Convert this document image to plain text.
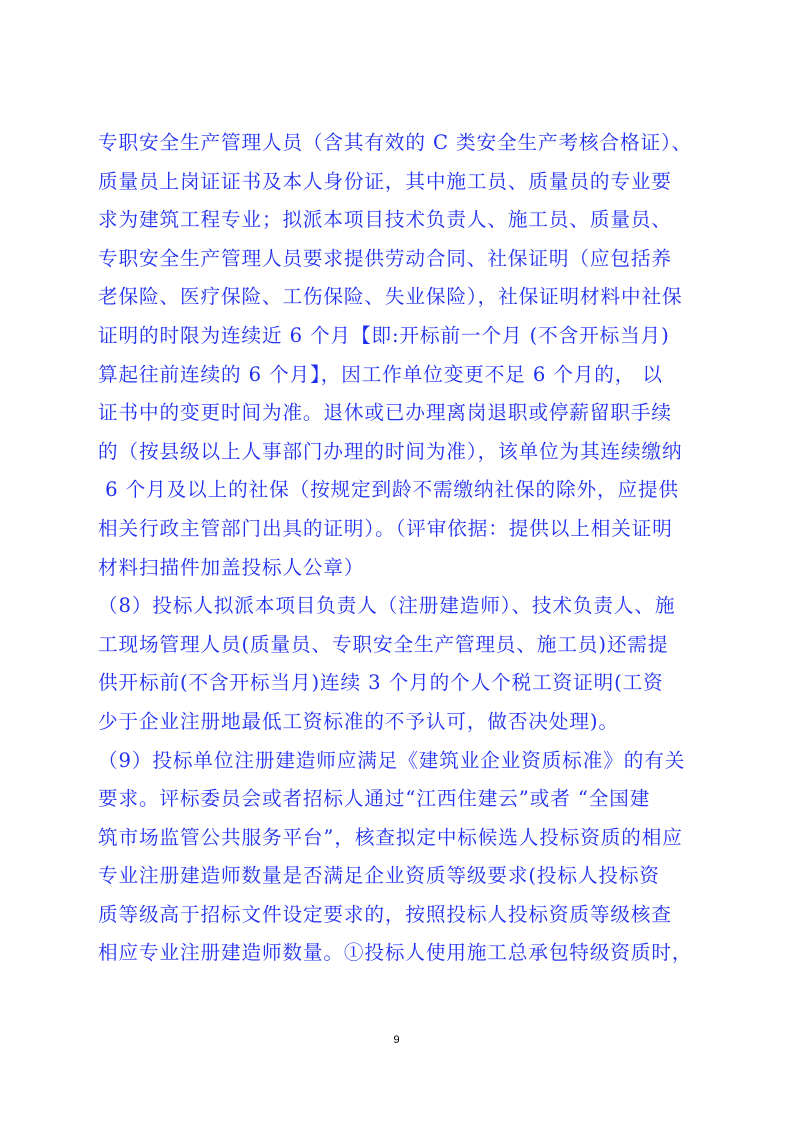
专职安全生产管理人员（含其有效的 C 类安全生产考核合格证）、
质量员上岗证证书及本人身份证，其中施工员、质量员的专业要
求为建筑工程专业；拟派本项目技术负责人、施工员、质量员、
专职安全生产管理人员要求提供劳动合同、社保证明（应包括养
老保险、医疗保险、工伤保险、失业保险），社保证明材料中社保
证明的时限为连续近 6 个月【即:开标前一个月 (不含开标当月)
算起往前连续的 6 个月】，因工作单位变更不足 6 个月的， 以
证书中的变更时间为准。退休或已办理离岗退职或停薪留职手续
的（按县级以上人事部门办理的时间为准），该单位为其连续缴纳
6 个月及以上的社保（按规定到龄不需缴纳社保的除外，应提供
相关行政主管部门出具的证明）。（评审依据：提供以上相关证明
材料扫描件加盖投标人公章）
（8）投标人拟派本项目负责人（注册建造师）、技术负责人、施
工现场管理人员(质量员、专职安全生产管理员、施工员)还需提
供开标前(不含开标当月)连续 3 个月的个人个税工资证明(工资
少于企业注册地最低工资标准的不予认可，做否决处理)。
（9）投标单位注册建造师应满足《建筑业企业资质标准》的有关
要求。评标委员会或者招标人通过“江西住建云”或者 “全国建
筑市场监管公共服务平台”，核查拟定中标候选人投标资质的相应
专业注册建造师数量是否满足企业资质等级要求(投标人投标资
质等级高于招标文件设定要求的，按照投标人投标资质等级核查
相应专业注册建造师数量。①投标人使用施工总承包特级资质时，
9
